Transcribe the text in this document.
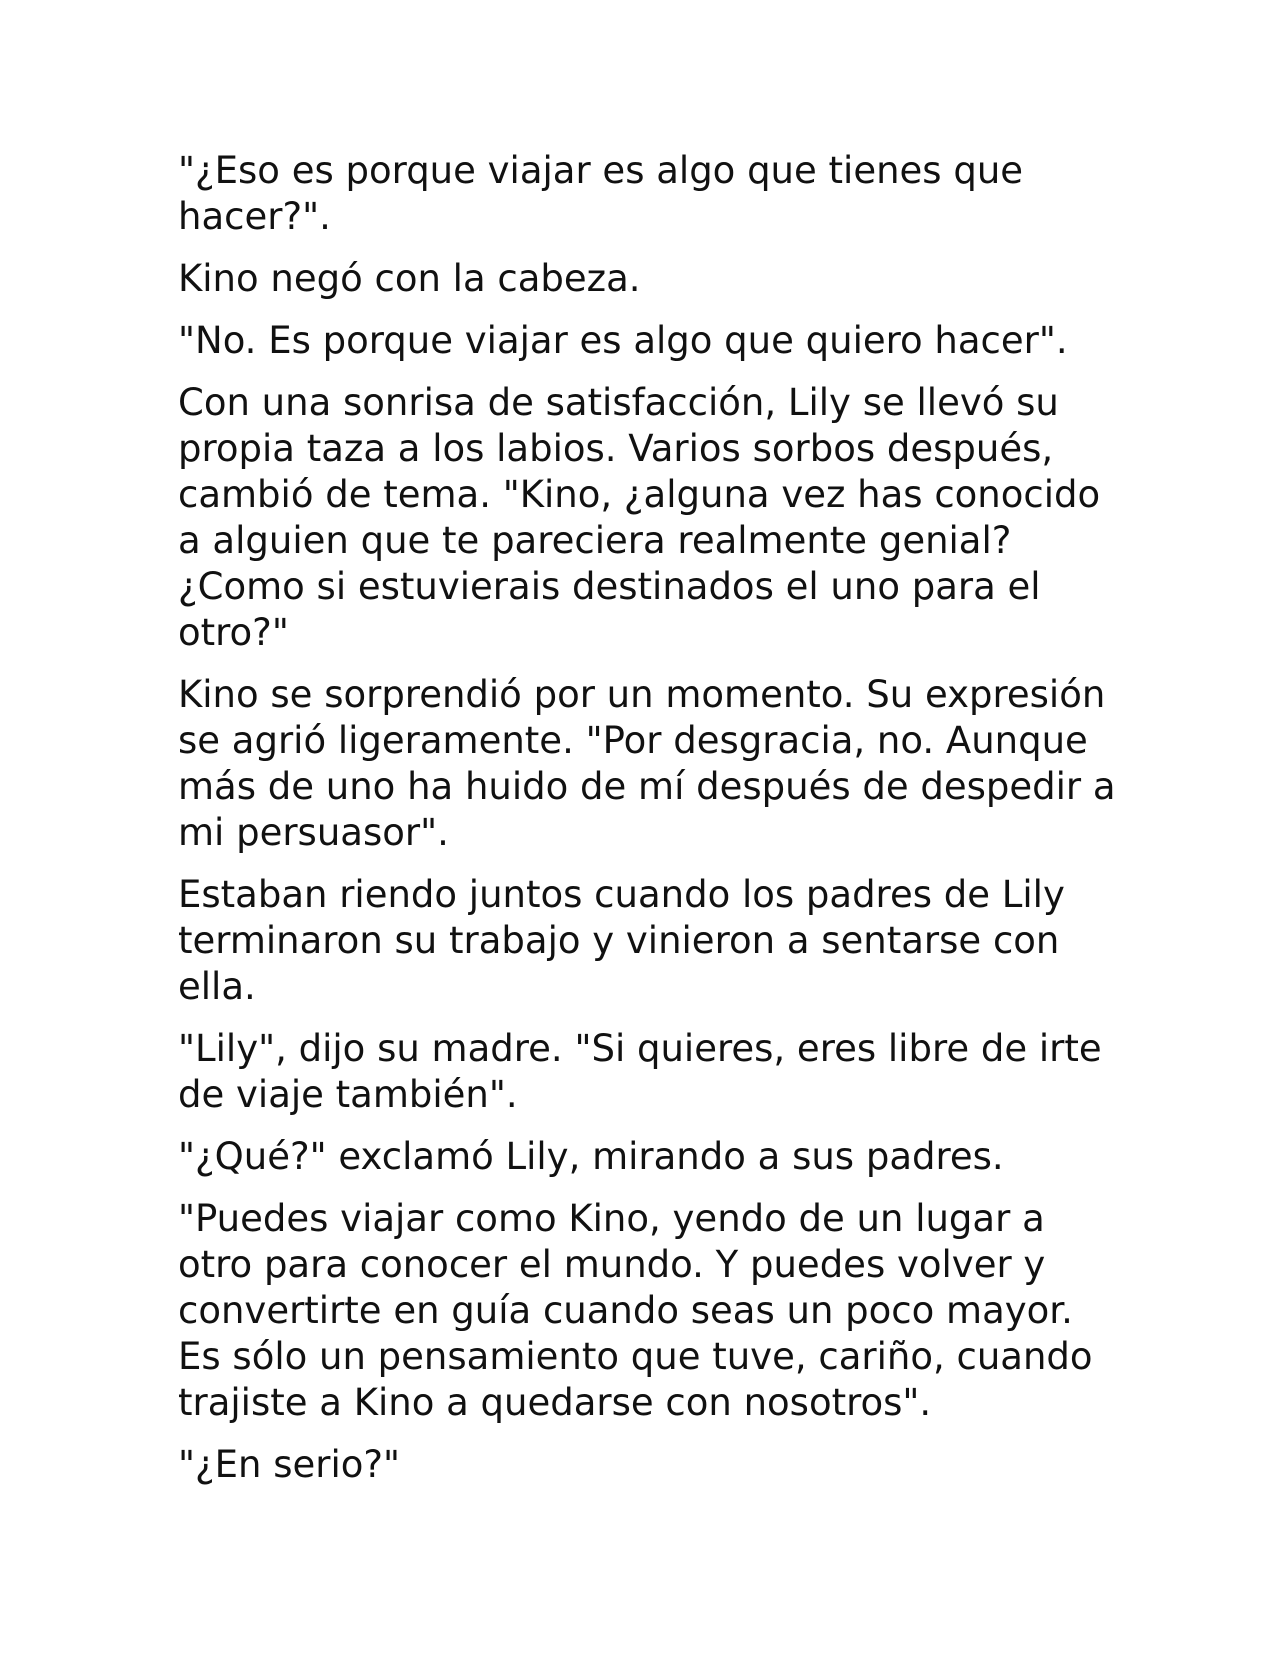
"¿Eso es porque viajar es algo que tienes que hacer?".

Kino negó con la cabeza.

"No. Es porque viajar es algo que quiero hacer".

Con una sonrisa de satisfacción, Lily se llevó su propia taza a los labios. Varios sorbos después, cambió de tema. "Kino, ¿alguna vez has conocido a alguien que te pareciera realmente genial? ¿Como si estuvierais destinados el uno para el otro?"

Kino se sorprendió por un momento. Su expresión se agrió ligeramente. "Por desgracia, no. Aunque más de uno ha huido de mí después de despedir a mi persuasor".

Estaban riendo juntos cuando los padres de Lily terminaron su trabajo y vinieron a sentarse con ella.

"Lily", dijo su madre. "Si quieres, eres libre de irte de viaje también".

"¿Qué?" exclamó Lily, mirando a sus padres.

"Puedes viajar como Kino, yendo de un lugar a otro para conocer el mundo. Y puedes volver y convertirte en guía cuando seas un poco mayor. Es sólo un pensamiento que tuve, cariño, cuando trajiste a Kino a quedarse con nosotros".

"¿En serio?"
